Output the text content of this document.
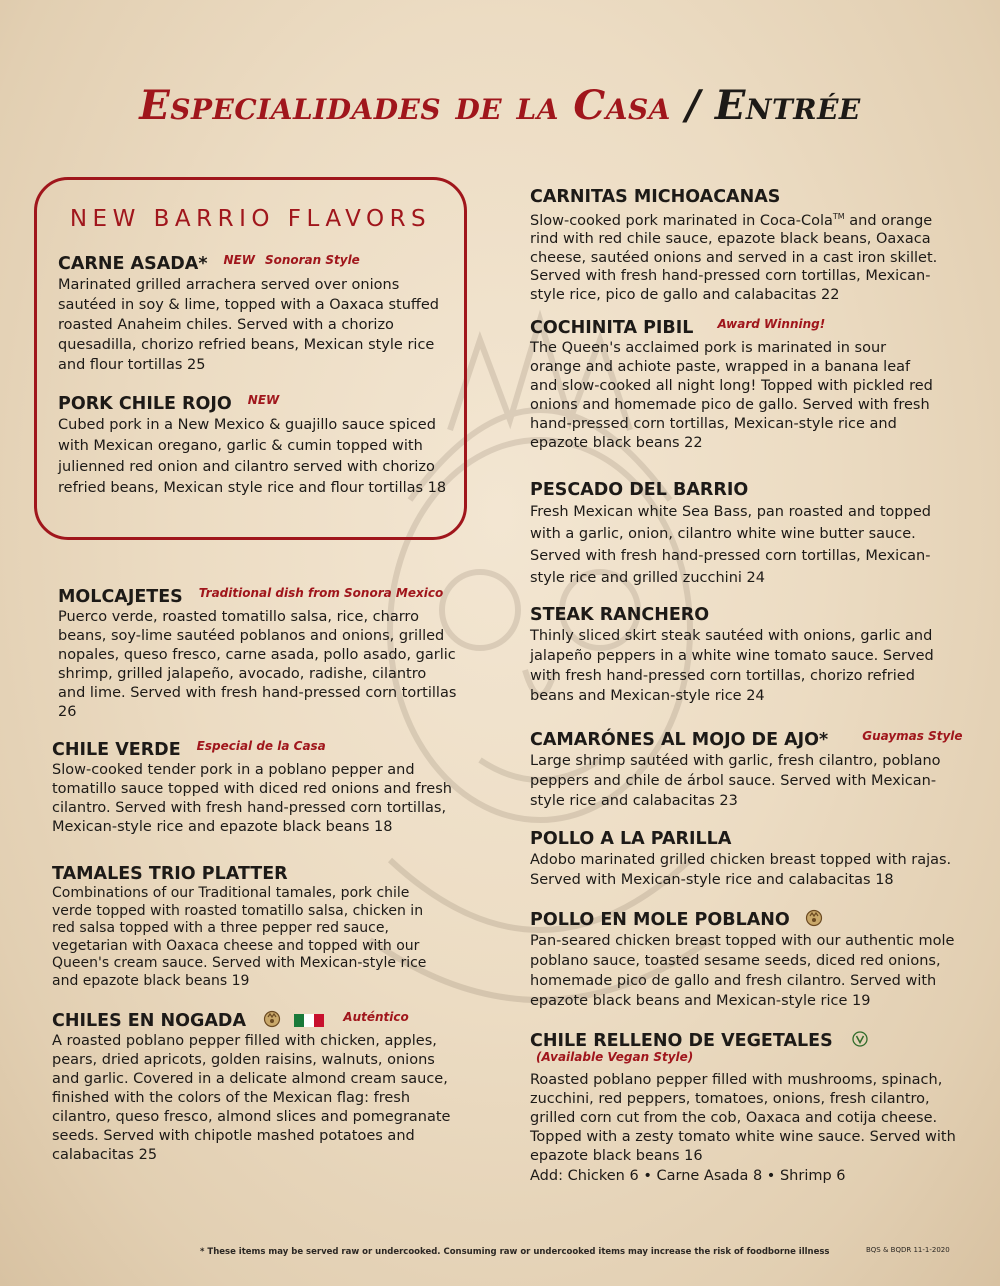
Especialidades de la Casa / Entrée
NEW BARRIO FLAVORS
CARNE ASADA* $^{NEW}$ $^{Sonoran Style}$
Marinated grilled arrachera served over onions sautéed in soy & lime, topped with a Oaxaca stuffed roasted Anaheim chiles. Served with a chorizo quesadilla, chorizo refried beans, Mexican style rice and flour tortillas 25
PORK CHILE ROJO $^{NEW}$
Cubed pork in a New Mexico & guajillo sauce spiced with Mexican oregano, garlic & cumin topped with julienned red onion and cilantro served with chorizo refried beans, Mexican style rice and flour tortillas 18
MOLCAJETES $^{Traditional dish from Sonora Mexico}$
Puerco verde, roasted tomatillo salsa, rice, charro beans, soy-lime sautéed poblanos and onions, grilled nopales, queso fresco, carne asada, pollo asado, garlic shrimp, grilled jalapeño, avocado, radishe, cilantro and lime. Served with fresh hand-pressed corn tortillas 26
CHILE VERDE $^{Especial de la Casa}$
Slow-cooked tender pork in a poblano pepper and tomatillo sauce topped with diced red onions and fresh cilantro. Served with fresh hand-pressed corn tortillas, Mexican-style rice and epazote black beans 18
TAMALES TRIO PLATTER
Combinations of our Traditional tamales, pork chile verde topped with roasted tomatillo salsa, chicken in red salsa topped with a three pepper red sauce, vegetarian with Oaxaca cheese and topped with our Queen's cream sauce. Served with Mexican-style rice and epazote black beans 19
CHILES EN NOGADA	$^{Auténtico}$
A roasted poblano pepper filled with chicken, apples, pears, dried apricots, golden raisins, walnuts, onions and garlic. Covered in a delicate almond cream sauce, finished with the colors of the Mexican flag: fresh cilantro, queso fresco, almond slices and pomegranate seeds. Served with chipotle mashed potatoes and calabacitas 25
CARNITAS MICHOACANAS
Slow-cooked pork marinated in Coca-Cola™ and orange rind with red chile sauce, epazote black beans, Oaxaca cheese, sautéed onions and served in a cast iron skillet. Served with fresh hand-pressed corn tortillas, Mexican-style rice, pico de gallo and calabacitas 22
COCHINITA PIBIL $^{Award Winning!}$
The Queen's acclaimed pork is marinated in sour orange and achiote paste, wrapped in a banana leaf and slow-cooked all night long! Topped with pickled red onions and homemade pico de gallo. Served with fresh hand-pressed corn tortillas, Mexican-style rice and epazote black beans 22
PESCADO DEL BARRIO
Fresh Mexican white Sea Bass, pan roasted and topped with a garlic, onion, cilantro white wine butter sauce. Served with fresh hand-pressed corn tortillas, Mexican-style rice and grilled zucchini 24
STEAK RANCHERO
Thinly sliced skirt steak sautéed with onions, garlic and jalapeño peppers in a white wine tomato sauce. Served with fresh hand-pressed corn tortillas, chorizo refried beans and Mexican-style rice 24
CAMARÓNES AL MOJO DE AJO*	$^{Guaymas Style}$
Large shrimp sautéed with garlic, fresh cilantro, poblano peppers and chile de árbol sauce. Served with Mexican-style rice and calabacitas 23
POLLO A LA PARILLA
Adobo marinated grilled chicken breast topped with rajas. Served with Mexican-style rice and calabacitas 18
POLLO EN MOLE POBLANO
Pan-seared chicken breast topped with our authentic mole poblano sauce, toasted sesame seeds, diced red onions, homemade pico de gallo and fresh cilantro. Served with epazote black beans and Mexican-style rice 19
CHILE RELLENO DE VEGETALES  $^{(Available Vegan Style)}$
Roasted poblano pepper filled with mushrooms, spinach, zucchini, red peppers, tomatoes, onions, fresh cilantro, grilled corn cut from the cob, Oaxaca and cotija cheese. Topped with a zesty tomato white wine sauce. Served with epazote black beans 16
Add: Chicken 6 • Carne Asada 8 • Shrimp 6
* These items may be served raw or undercooked. Consuming raw or undercooked items may increase the risk of foodborne illness	BQS & BQDR 11-1-2020
